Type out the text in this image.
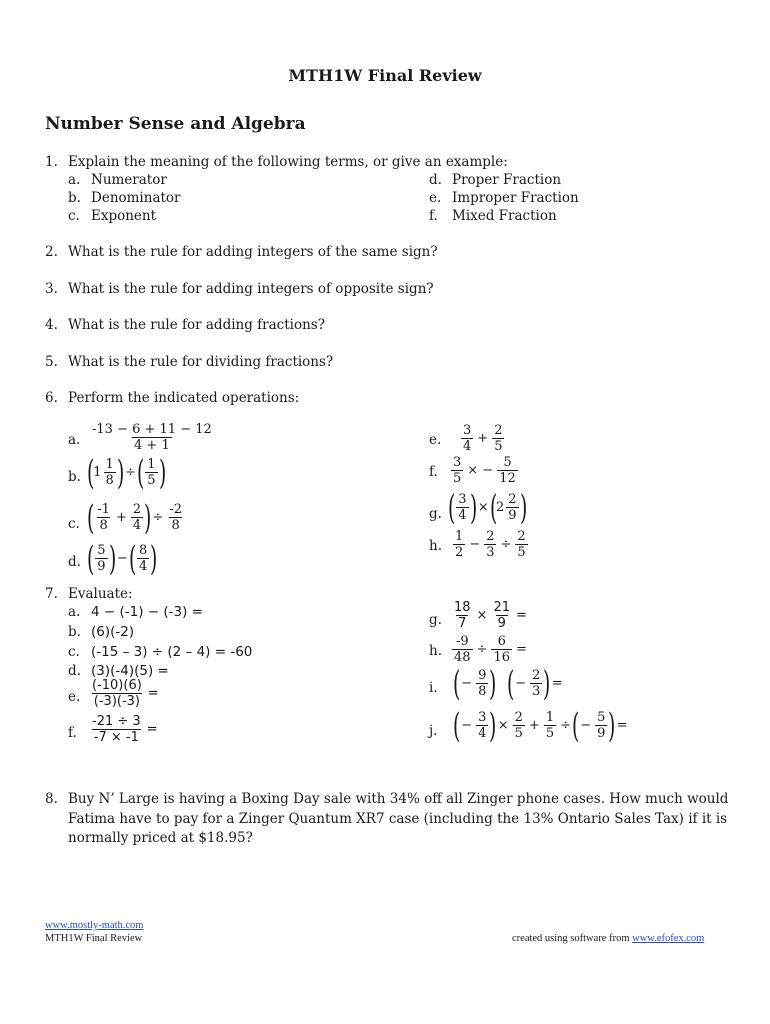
MTH1W Final Review
Number Sense and Algebra
1. Explain the meaning of the following terms, or give an example:
a. Numerator
b. Denominator
c. Exponent
d. Proper Fraction
e. Improper Fraction
f. Mixed Fraction
2. What is the rule for adding integers of the same sign?
3. What is the rule for adding integers of opposite sign?
4. What is the rule for adding fractions?
5. What is the rule for dividing fractions?
6. Perform the indicated operations:
a.
b.
c.
d.
e.
f.
g.
h.
$\frac{-13 - 6 + 11 - 12}{4 + 1}$
($1 \frac{1}{8}$ )÷( $\frac{1}{5}$ )
( $\frac{-1}{8} + \frac{2}{4}$ )÷ $\frac{-2}{8}$
( $\frac{5}{9}$ )−( $\frac{8}{4}$ )
$\frac{3}{4} + \frac{2}{5}$
$\frac{3}{5}$ × − $\frac{5}{12}$
( $\frac{3}{4} )\times(2 \frac{2}{9}$ )
$\frac{1}{2} - \frac{2}{3} \div \frac{2}{5}$
7. Evaluate:
a. 4 − (-1) − (-3) =
b. (6)(-2)
c. (-15 – 3) ÷ (2 – 4) = -60
d. (3)(-4)(5) =
e.
f.
$\frac{(-10)(6)}{(-3)(-3)}$ =
$\frac{-21 \div 3}{-7 \times -1}$ =
g.
h.
i.
j.
$\frac{18}{7} \times \frac{21}{9}$ =
$\frac{-9}{48} \div \frac{6}{16}$ =
(− $\frac{9}{8}$ ) (− $\frac{2}{3}$ )=
(− $\frac{3}{4}$ )× $\frac{2}{5} + \frac{1}{5}$ ÷(− $\frac{5}{9}$ )=
8. Buy N’ Large is having a Boxing Day sale with 34% off all Zinger phone cases. How much would Fatima have to pay for a Zinger Quantum XR7 case (including the 13% Ontario Sales Tax) if it is normally priced at $18.95?
www.mostly-math.com
MTH1W Final Review	created using software from www.efofex.com
